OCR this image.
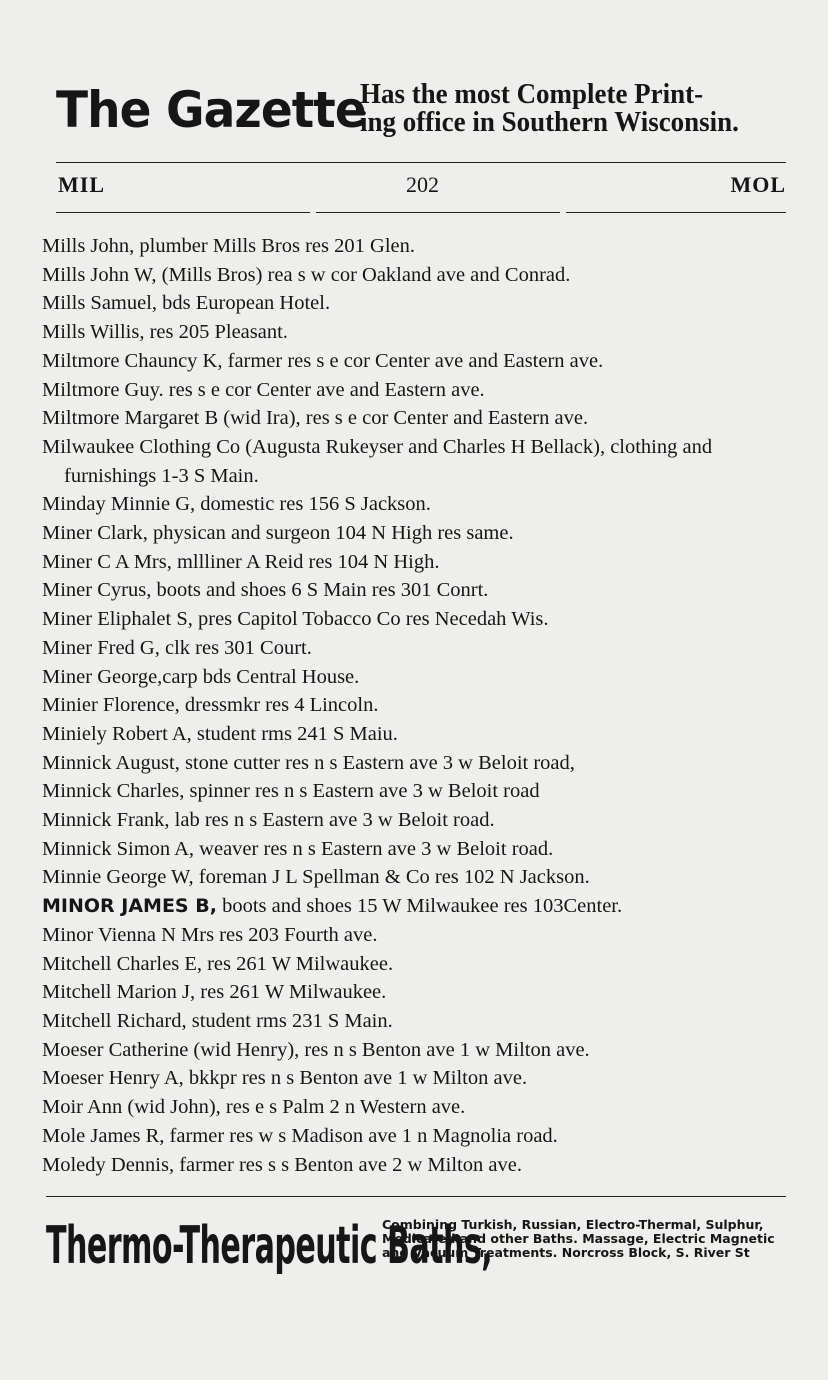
The Gazette
Has the most Complete Print-
ing office in Southern Wisconsin.
MIL	202	MOL

Mills John, plumber Mills Bros res 201 Glen.

Mills John W, (Mills Bros) rea s w cor Oakland ave and Conrad.

Mills Samuel, bds European Hotel.

Mills Willis, res 205 Pleasant.

Miltmore Chauncy K, farmer res s e cor Center ave and Eastern ave.

Miltmore Guy. res s e cor Center ave and Eastern ave.

Miltmore Margaret B (wid Ira), res s e cor Center and Eastern ave.

Milwaukee Clothing Co (Augusta Rukeyser and Charles H Bellack), clothing and furnishings 1-3 S Main.

Minday Minnie G, domestic res 156 S Jackson.

Miner Clark, physican and surgeon 104 N High res same.

Miner C A Mrs, mllliner A Reid res 104 N High.

Miner Cyrus, boots and shoes 6 S Main res 301 Conrt.

Miner Eliphalet S, pres Capitol Tobacco Co res Necedah Wis.

Miner Fred G, clk res 301 Court.

Miner George,carp bds Central House.

Minier Florence, dressmkr res 4 Lincoln.

Miniely Robert A, student rms 241 S Maiu.

Minnick August, stone cutter res n s Eastern ave 3 w Beloit road,

Minnick Charles, spinner res n s Eastern ave 3 w Beloit road

Minnick Frank, lab res n s Eastern ave 3 w Beloit road.

Minnick Simon A, weaver res n s Eastern ave 3 w Beloit road.

Minnie George W, foreman J L Spellman & Co res 102 N Jackson.

MINOR JAMES B, boots and shoes 15 W Milwaukee res 103Center.

Minor Vienna N Mrs res 203 Fourth ave.

Mitchell Charles E, res 261 W Milwaukee.

Mitchell Marion J, res 261 W Milwaukee.

Mitchell Richard, student rms 231 S Main.

Moeser Catherine (wid Henry), res n s Benton ave 1 w Milton ave.

Moeser Henry A, bkkpr res n s Benton ave 1 w Milton ave.

Moir Ann (wid John), res e s Palm 2 n Western ave.

Mole James R, farmer res w s Madison ave 1 n Magnolia road.

Moledy Dennis, farmer res s s Benton ave 2 w Milton ave.

Thermo-Therapeutic Baths,
Combining Turkish, Russian, Electro-Thermal, Sulphur, Medicated and other Baths. Massage, Electric Magnetic and Vacuum Treatments. Norcross Block, S. River St
